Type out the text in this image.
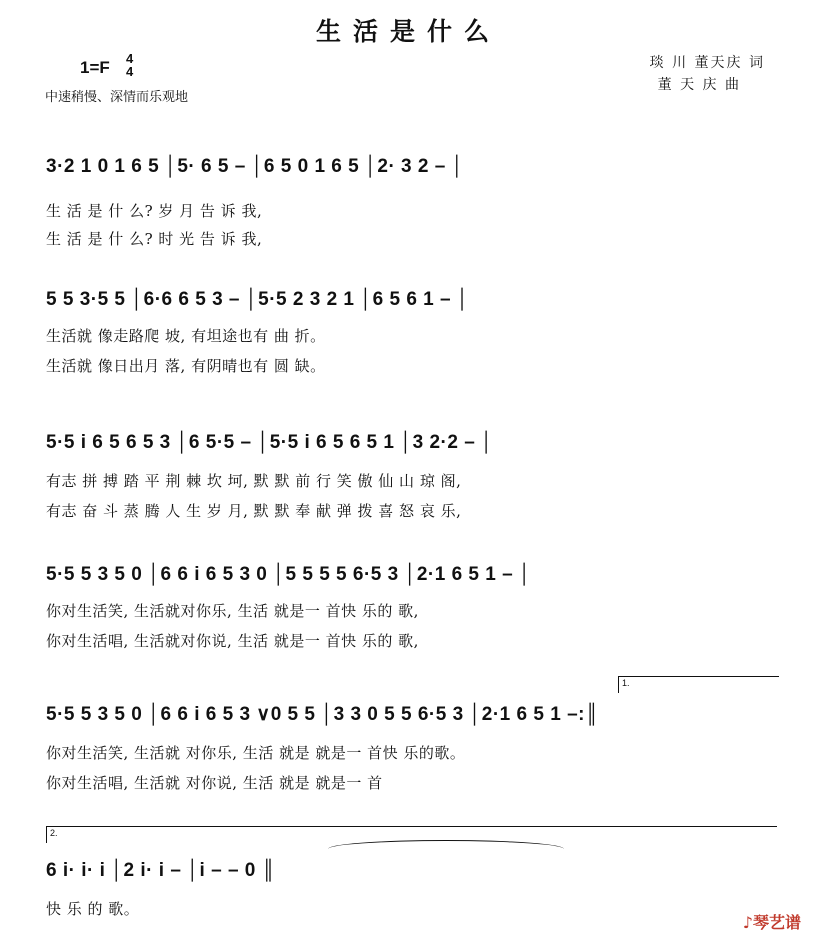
生活是什么
1=F 4
4
中速稍慢、深情而乐观地
琰 川 董天庆 词
董 天 庆 曲
3·2 1 0 1 6 5 │5· 6 5 – │6 5 0 1 6 5 │2· 3 2 – │
生 活 是 什 么? 岁 月 告 诉 我,
生 活 是 什 么? 时 光 告 诉 我,
5 5 3·5 5 │6·6 6 5 3 – │5·5 2 3 2 1 │6 5 6 1 – │
生活就 像走路爬 坡, 有坦途也有 曲 折。
生活就 像日出月 落, 有阴晴也有 圆 缺。
5·5 i 6 5 6 5 3 │6 5·5 – │5·5 i 6 5 6 5 1 │3 2·2 – │
有志 拼 搏 踏 平 荆 棘 坎 坷, 默 默 前 行 笑 傲 仙 山 琼 阁,
有志 奋 斗 蒸 腾 人 生 岁 月, 默 默 奉 献 弹 拨 喜 怒 哀 乐,
5·5 5 3 5 0 │6 6 i 6 5 3 0 │5 5 5 5 6·5 3 │2·1 6 5 1 – │
你对生活笑, 生活就对你乐, 生活 就是一 首快 乐的 歌,
你对生活唱, 生活就对你说, 生活 就是一 首快 乐的 歌,
1.
5·5 5 3 5 0 │6 6 i 6 5 3 ∨0 5 5 │3 3 0 5 5 6·5 3 │2·1 6 5 1 –:║
你对生活笑, 生活就 对你乐, 生活 就是 就是一 首快 乐的歌。
你对生活唱, 生活就 对你说, 生活 就是 就是一 首
2.
6 i· i· i │2 i· i – │i – – 0 ║
快 乐 的 歌。
♪琴艺谱
